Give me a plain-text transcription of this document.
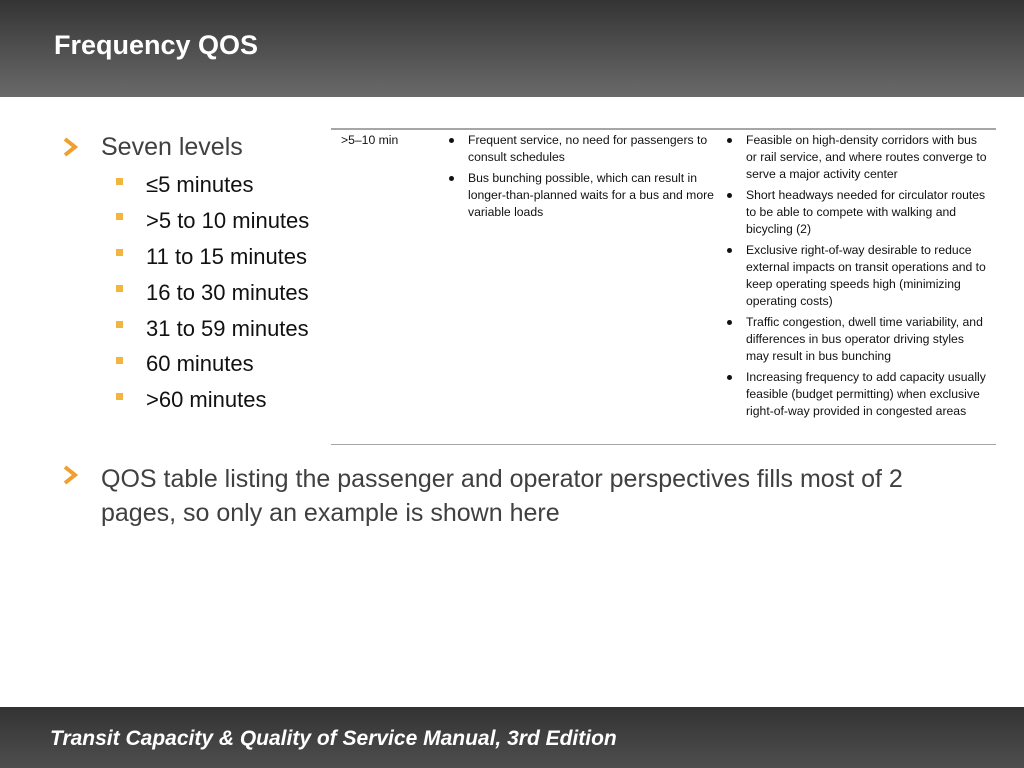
Frequency QOS
Seven levels
≤5 minutes
>5 to 10 minutes
11 to 15 minutes
16 to 30 minutes
31 to 59 minutes
60 minutes
>60 minutes
>5–10 min	Frequent service, no need for passengers to consult schedules
Bus bunching possible, which can result in longer-than-planned waits for a bus and more variable loads
Feasible on high-density corridors with bus or rail service, and where routes converge to serve a major activity center
Short headways needed for circulator routes to be able to compete with walking and bicycling (2)
Exclusive right-of-way desirable to reduce external impacts on transit operations and to keep operating speeds high (minimizing operating costs)
Traffic congestion, dwell time variability, and differences in bus operator driving styles may result in bus bunching
Increasing frequency to add capacity usually feasible (budget permitting) when exclusive right-of-way provided in congested areas
QOS table listing the passenger and operator perspectives fills most of 2 pages, so only an example is shown here
Transit Capacity & Quality of Service Manual, 3rd Edition
